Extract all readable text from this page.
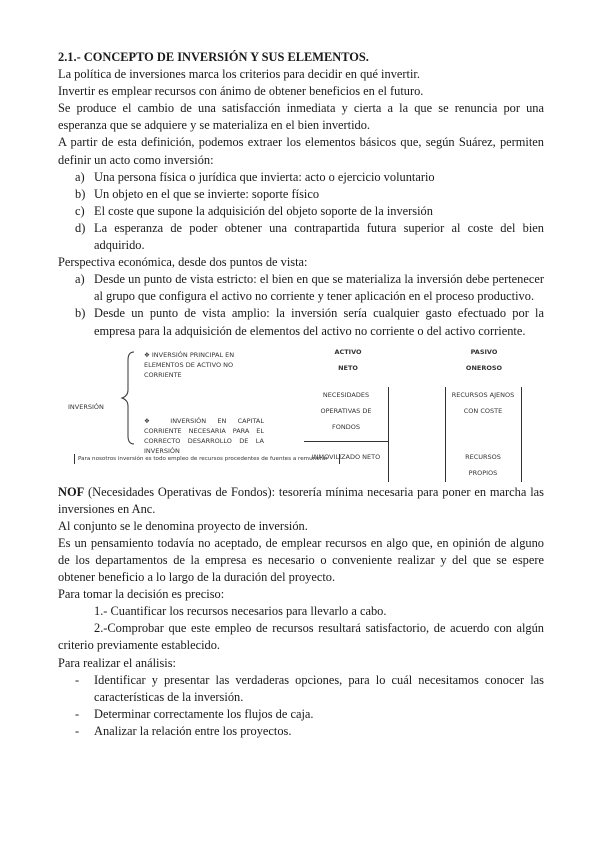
2.1.- CONCEPTO DE INVERSIÓN Y SUS ELEMENTOS.

La política de inversiones marca los criterios para decidir en qué invertir.

Invertir es emplear recursos con ánimo de obtener beneficios en el futuro.

Se produce el cambio de una satisfacción inmediata y cierta a la que se renuncia por una esperanza que se adquiere y se materializa en el bien invertido.

A partir de esta definición, podemos extraer los elementos básicos que, según Suárez, permiten definir un acto como inversión:

a) Una persona física o jurídica que invierta: acto o ejercicio voluntario
b) Un objeto en el que se invierte: soporte físico
c) El coste que supone la adquisición del objeto soporte de la inversión
d) La esperanza de poder obtener una contrapartida futura superior al coste del bien adquirido.

Perspectiva económica, desde dos puntos de vista:

a) Desde un punto de vista estricto: el bien en que se materializa la inversión debe pertenecer al grupo que configura el activo no corriente y tener aplicación en el proceso productivo.
b) Desde un punto de vista amplio: la inversión sería cualquier gasto efectuado por la empresa para la adquisición de elementos del activo no corriente o del activo corriente.
❖ INVERSIÓN PRINCIPAL EN ELEMENTOS DE ACTIVO NO CORRIENTE
❖ INVERSIÓN EN CAPITAL CORRIENTE NECESARIA PARA EL CORRECTO DESARROLLO DE LA INVERSIÓN
INVERSIÓN
Para nosotros inversión es todo empleo de recursos procedentes de fuentes a remunerar
ACTIVO
NETO
PASIVO
ONEROSO
NECESIDADES OPERATIVAS DE FONDOS
INMOVILIZADO NETO
RECURSOS AJENOS CON COSTE
RECURSOS PROPIOS

NOF (Necesidades Operativas de Fondos): tesorería mínima necesaria para poner en marcha las inversiones en Anc.

Al conjunto se le denomina proyecto de inversión.

Es un pensamiento todavía no aceptado, de emplear recursos en algo que, en opinión de alguno de los departamentos de la empresa es necesario o conveniente realizar y del que se espere obtener beneficio a lo largo de la duración del proyecto.

Para tomar la decisión es preciso:

1.- Cuantificar los recursos necesarios para llevarlo a cabo.

2.-Comprobar que este empleo de recursos resultará satisfactorio, de acuerdo con algún criterio previamente establecido.

Para realizar el análisis:

- Identificar y presentar las verdaderas opciones, para lo cuál necesitamos conocer las características de la inversión.
- Determinar correctamente los flujos de caja.
- Analizar la relación entre los proyectos.
